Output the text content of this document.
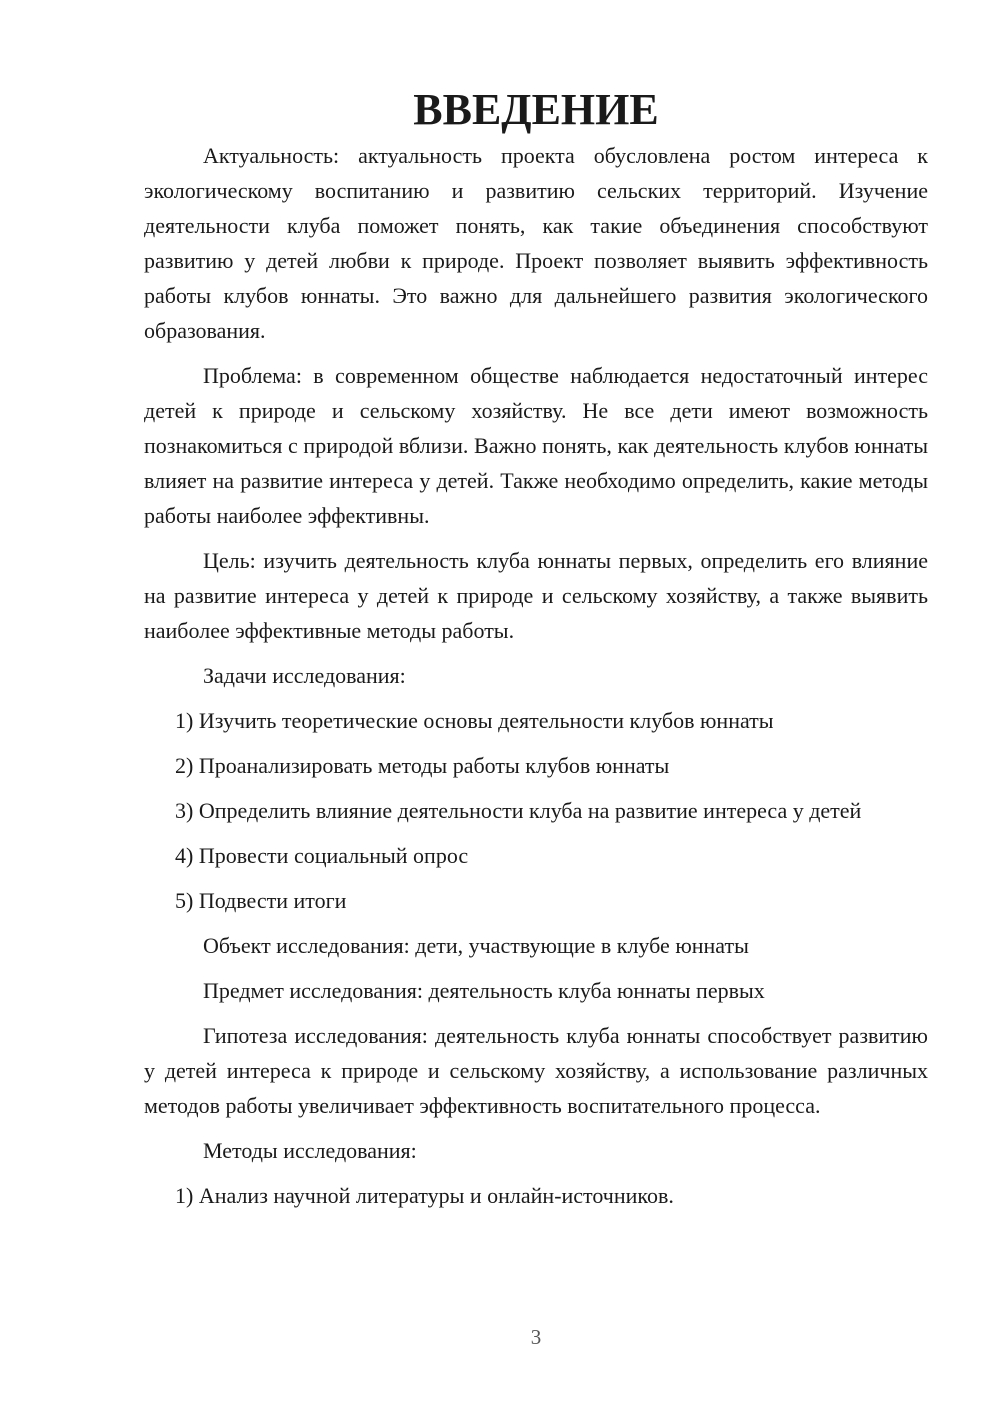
ВВЕДЕНИЕ

Актуальность: актуальность проекта обусловлена ростом интереса к экологическому воспитанию и развитию сельских территорий. Изучение деятельности клуба поможет понять, как такие объединения способствуют развитию у детей любви к природе. Проект позволяет выявить эффективность работы клубов юннаты. Это важно для дальнейшего развития экологического образования.

Проблема: в современном обществе наблюдается недостаточный интерес детей к природе и сельскому хозяйству. Не все дети имеют возможность познакомиться с природой вблизи. Важно понять, как деятельность клубов юннаты влияет на развитие интереса у детей. Также необходимо определить, какие методы работы наиболее эффективны.

Цель: изучить деятельность клуба юннаты первых, определить его влияние на развитие интереса у детей к природе и сельскому хозяйству, а также выявить наиболее эффективные методы работы.

Задачи исследования:

1) Изучить теоретические основы деятельности клубов юннаты

2) Проанализировать методы работы клубов юннаты

3) Определить влияние деятельности клуба на развитие интереса у детей

4) Провести социальный опрос

5) Подвести итоги

Объект исследования: дети, участвующие в клубе юннаты

Предмет исследования: деятельность клуба юннаты первых

Гипотеза исследования: деятельность клуба юннаты способствует развитию у детей интереса к природе и сельскому хозяйству, а использование различных методов работы увеличивает эффективность воспитательного процесса.

Методы исследования:

1) Анализ научной литературы и онлайн-источников.

3
